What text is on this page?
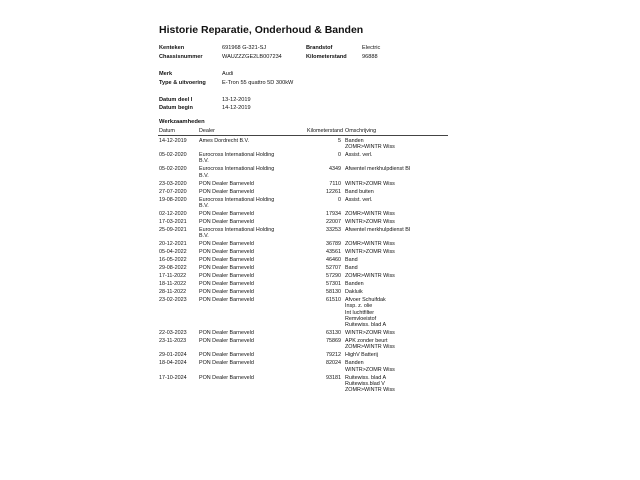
Historie Reparatie, Onderhoud & Banden
Kenteken	691968 G-321-SJ	Brandstof	Electric
Chassisnummer	WAUZZZGE2LB007234	Kilometerstand	96888
Merk	Audi
Type & uitvoering	E-Tron 55 quattro 5D 300kW
Datum deel I	13-12-2019
Datum begin	14-12-2019
Werkzaamheden
Datum	Dealer	Kilometerstand	Omschrijving
14-12-2019	Ames Dordrecht B.V.	5	Banden
ZOMR>WINTR Wiss

05-02-2020	Eurocross International Holding
B.V.	0	Assist. verl.

05-02-2020	Eurocross International Holding
B.V.	4349	Afwentel merkhulpdienst BI

23-03-2020	PON Dealer Barneveld	7110	WINTR>ZOMR Wiss

27-07-2020	PON Dealer Barneveld	12261	Band buiten

19-08-2020	Eurocross International Holding
B.V.	0	Assist. verl.

02-12-2020	PON Dealer Barneveld	17934	ZOMR>WINTR Wiss

17-03-2021	PON Dealer Barneveld	22007	WINTR>ZOMR Wiss

25-09-2021	Eurocross International Holding
B.V.	33253	Afwentel merkhulpdienst BI

20-12-2021	PON Dealer Barneveld	36789	ZOMR>WINTR Wiss

05-04-2022	PON Dealer Barneveld	43561	WINTR>ZOMR Wiss

16-05-2022	PON Dealer Barneveld	46460	Band

29-08-2022	PON Dealer Barneveld	52707	Band

17-11-2022	PON Dealer Barneveld	57290	ZOMR>WINTR Wiss

18-11-2022	PON Dealer Barneveld	57301	Banden

28-11-2022	PON Dealer Barneveld	58130	Dakluik

23-02-2023	PON Dealer Barneveld	61510	Afvoer Schuifdak
Insp. z. olie
Int luchtfilter
Remvloeistof
Ruitewiss. blad A

22-03-2023	PON Dealer Barneveld	63130	WINTR>ZOMR Wiss

23-11-2023	PON Dealer Barneveld	75869	APK zonder beurt
ZOMR>WINTR Wiss

29-01-2024	PON Dealer Barneveld	79212	HighV Batterij

18-04-2024	PON Dealer Barneveld	82024	Banden
WINTR>ZOMR Wiss

17-10-2024	PON Dealer Barneveld	93181	Ruitewiss. blad A
Ruitewiss.blad V
ZOMR>WINTR Wiss
